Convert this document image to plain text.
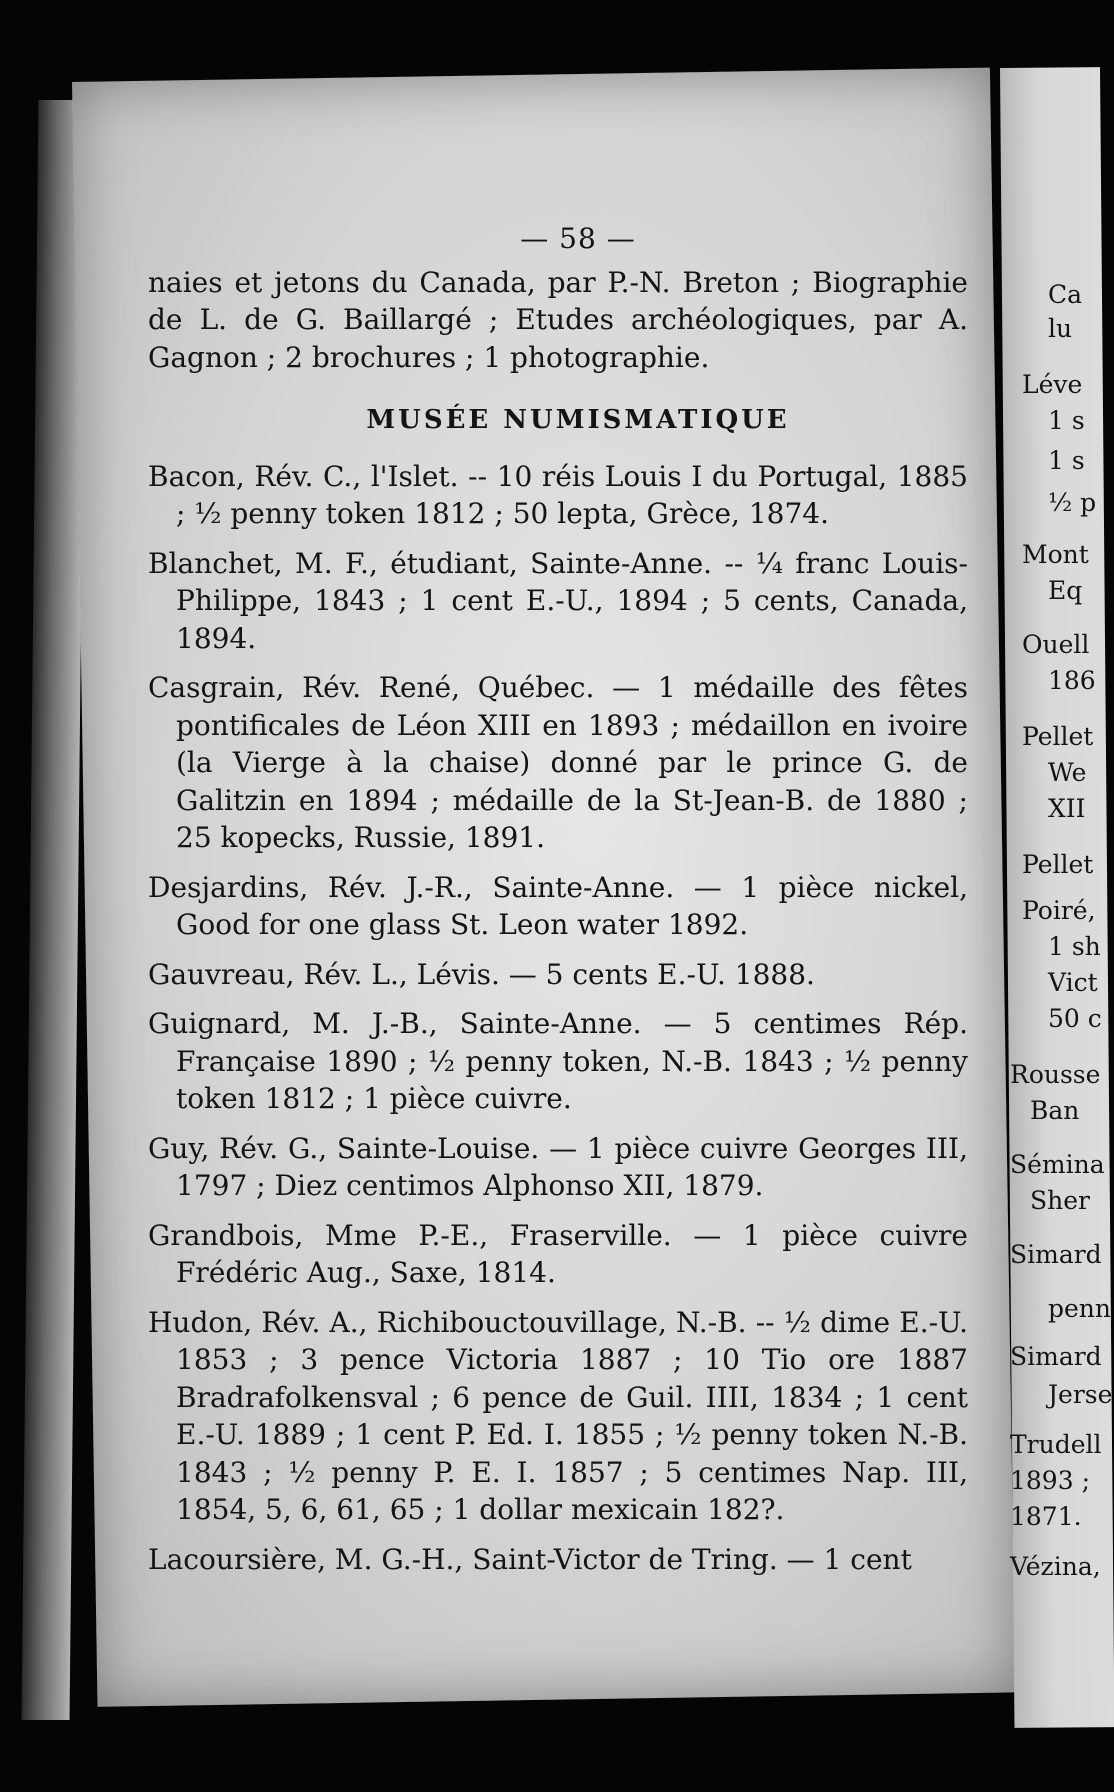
— 58 —

naies et jetons du Canada, par P.-N. Breton ; Biographie de L. de G. Baillargé ; Etudes archéologiques, par A. Gagnon ; 2 brochures ; 1 photographie.

MUSÉE NUMISMATIQUE

Bacon, Rév. C., l'Islet. -- 10 réis Louis I du Portugal, 1885 ; ½ penny token 1812 ; 50 lepta, Grèce, 1874.

Blanchet, M. F., étudiant, Sainte-Anne. -- ¼ franc Louis-Philippe, 1843 ; 1 cent E.-U., 1894 ; 5 cents, Canada, 1894.

Casgrain, Rév. René, Québec. — 1 médaille des fêtes pontificales de Léon XIII en 1893 ; médaillon en ivoire (la Vierge à la chaise) donné par le prince G. de Galitzin en 1894 ; médaille de la St-Jean-B. de 1880 ; 25 kopecks, Russie, 1891.

Desjardins, Rév. J.-R., Sainte-Anne. — 1 pièce nickel, Good for one glass St. Leon water 1892.

Gauvreau, Rév. L., Lévis. — 5 cents E.-U. 1888.

Guignard, M. J.-B., Sainte-Anne. — 5 centimes Rép. Française 1890 ; ½ penny token, N.-B. 1843 ; ½ penny token 1812 ; 1 pièce cuivre.

Guy, Rév. G., Sainte-Louise. — 1 pièce cuivre Georges III, 1797 ; Diez centimos Alphonso XII, 1879.

Grandbois, Mme P.-E., Fraserville. — 1 pièce cuivre Frédéric Aug., Saxe, 1814.

Hudon, Rév. A., Richibouctouvillage, N.-B. -- ½ dime E.-U. 1853 ; 3 pence Victoria 1887 ; 10 Tio ore 1887 Bradrafolkensval ; 6 pence de Guil. IIII, 1834 ; 1 cent E.-U. 1889 ; 1 cent P. Ed. I. 1855 ; ½ penny token N.-B. 1843 ; ½ penny P. E. I. 1857 ; 5 centimes Nap. III, 1854, 5, 6, 61, 65 ; 1 dollar mexicain 182?.

Lacoursière, M. G.-H., Saint-Victor de Tring. — 1 cent

Ca
lu
Léve
1 s
1 s
½ p
Mont
Eq
Ouell
186
Pellet
We
XII
Pellet
Poiré,
1 sh
Vict
50 c
Rousse
Ban
Sémina
Sher
Simard
penn
Simard
Jerse
Trudell
1893 ;
1871.
Vézina,
